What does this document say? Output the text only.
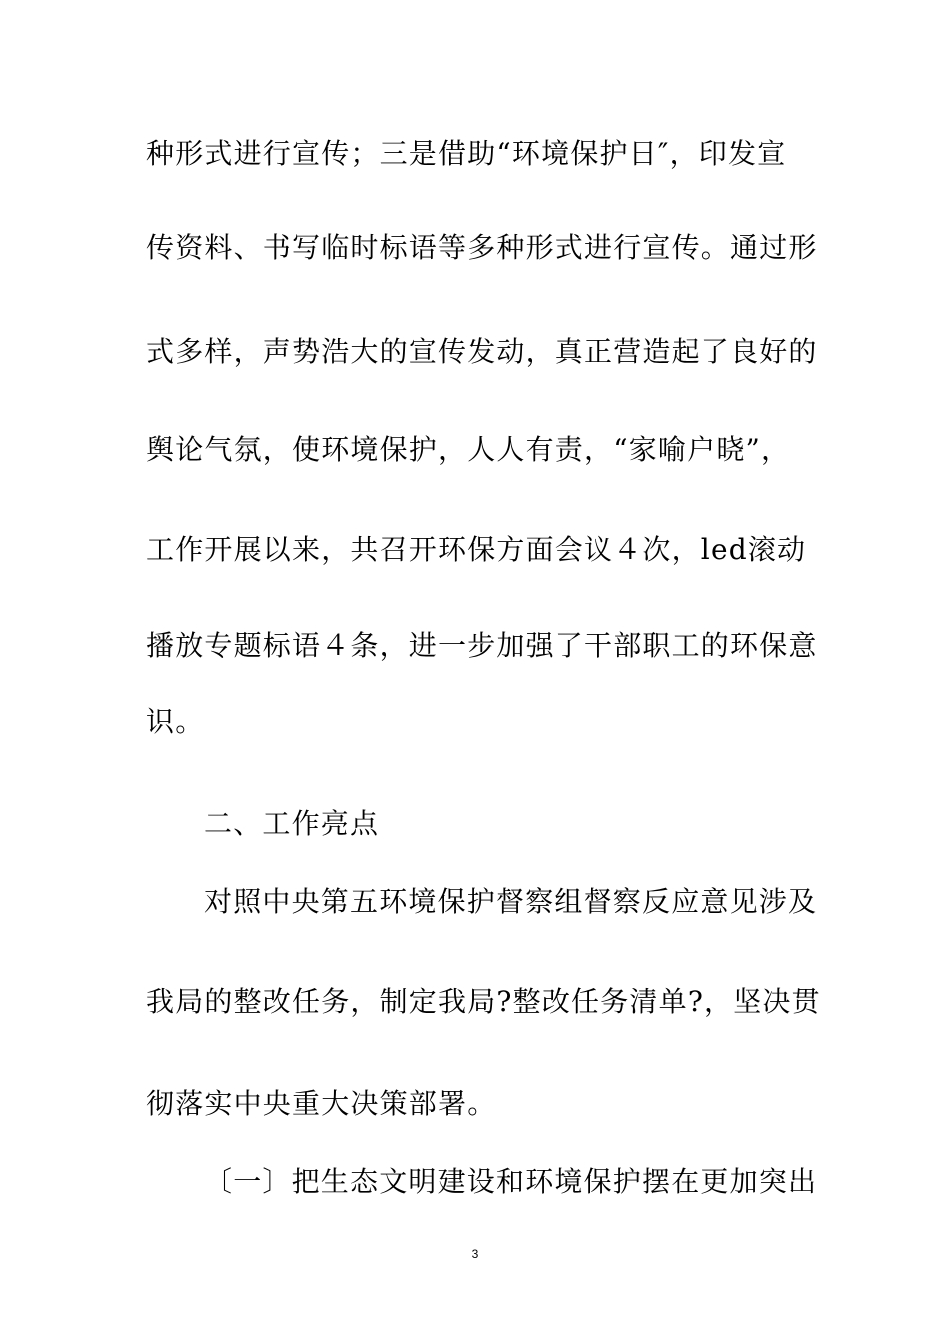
种形式进行宣传；三是借助“环境保护日″，印发宣
传资料、书写临时标语等多种形式进行宣传。通过形
式多样，声势浩大的宣传发动，真正营造起了良好的
舆论气氛，使环境保护，人人有责，“家喻户晓”，
工作开展以来，共召开环保方面会议４次，led滚动
播放专题标语４条，进一步加强了干部职工的环保意
识。
二、工作亮点
对照中央第五环境保护督察组督察反应意见涉及
我局的整改任务，制定我局?整改任务清单?，坚决贯
彻落实中央重大决策部署。
〔一〕把生态文明建设和环境保护摆在更加突出
3
